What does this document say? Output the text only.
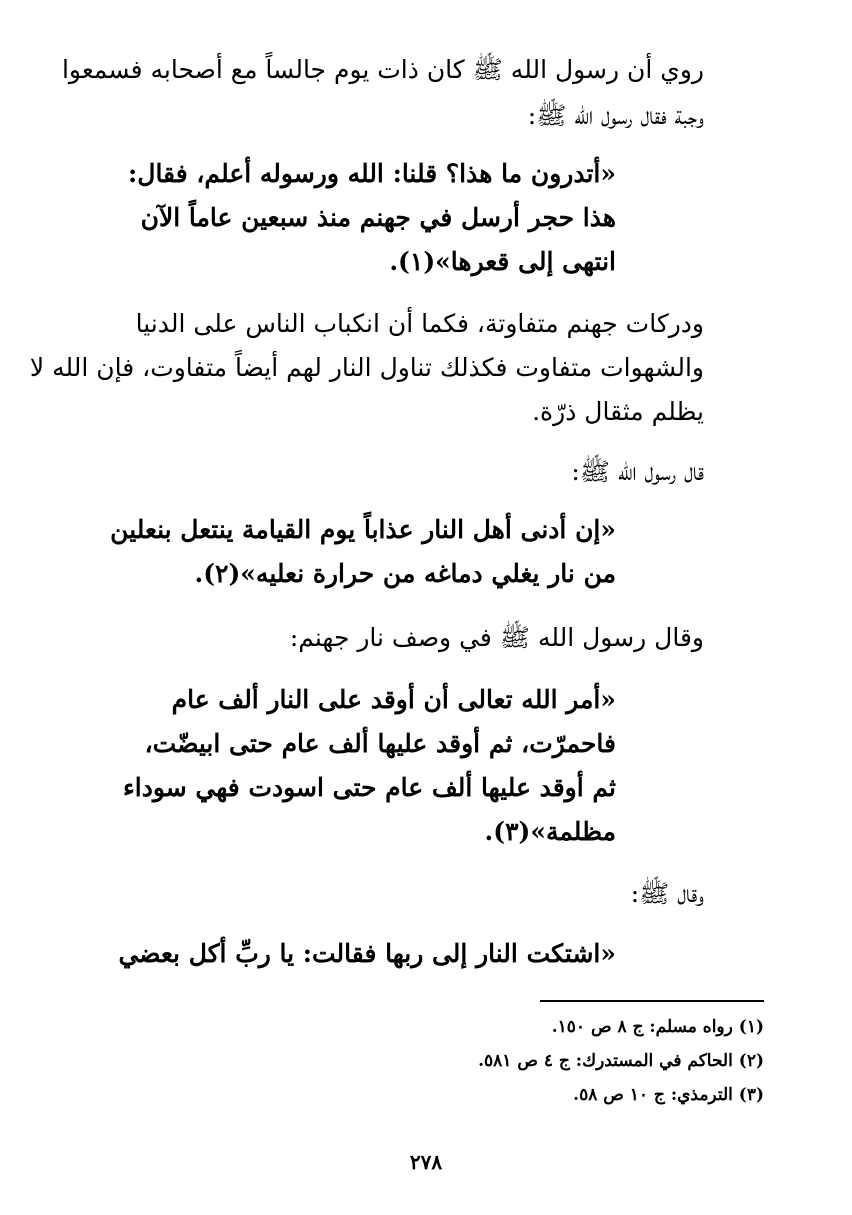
روي أن رسول الله ﷺ كان ذات يوم جالساً مع أصحابه فسمعوا
وجبة فقال رسول الله ﷺ:
«أتدرون ما هذا؟ قلنا: الله ورسوله أعلم، فقال:
هذا حجر أرسل في جهنم منذ سبعين عاماً الآن
انتهى إلى قعرها»(١).
ودركات جهنم متفاوتة، فكما أن انكباب الناس على الدنيا
والشهوات متفاوت فكذلك تناول النار لهم أيضاً متفاوت، فإن الله لا
يظلم مثقال ذرّة.
قال رسول الله ﷺ:
«إن أدنى أهل النار عذاباً يوم القيامة ينتعل بنعلين
من نار يغلي دماغه من حرارة نعليه»(٢).
وقال رسول الله ﷺ في وصف نار جهنم:
«أمر الله تعالى أن أوقد على النار ألف عام
فاحمرّت، ثم أوقد عليها ألف عام حتى ابيضّت،
ثم أوقد عليها ألف عام حتى اسودت فهي سوداء
مظلمة»(٣).
وقال ﷺ:
«اشتكت النار إلى ربها فقالت: يا ربِّ أكل بعضي
(١) رواه مسلم: ج ٨ ص ١٥٠.
(٢) الحاكم في المستدرك: ج ٤ ص ٥٨١.
(٣) الترمذي: ج ١٠ ص ٥٨.
٢٧٨
